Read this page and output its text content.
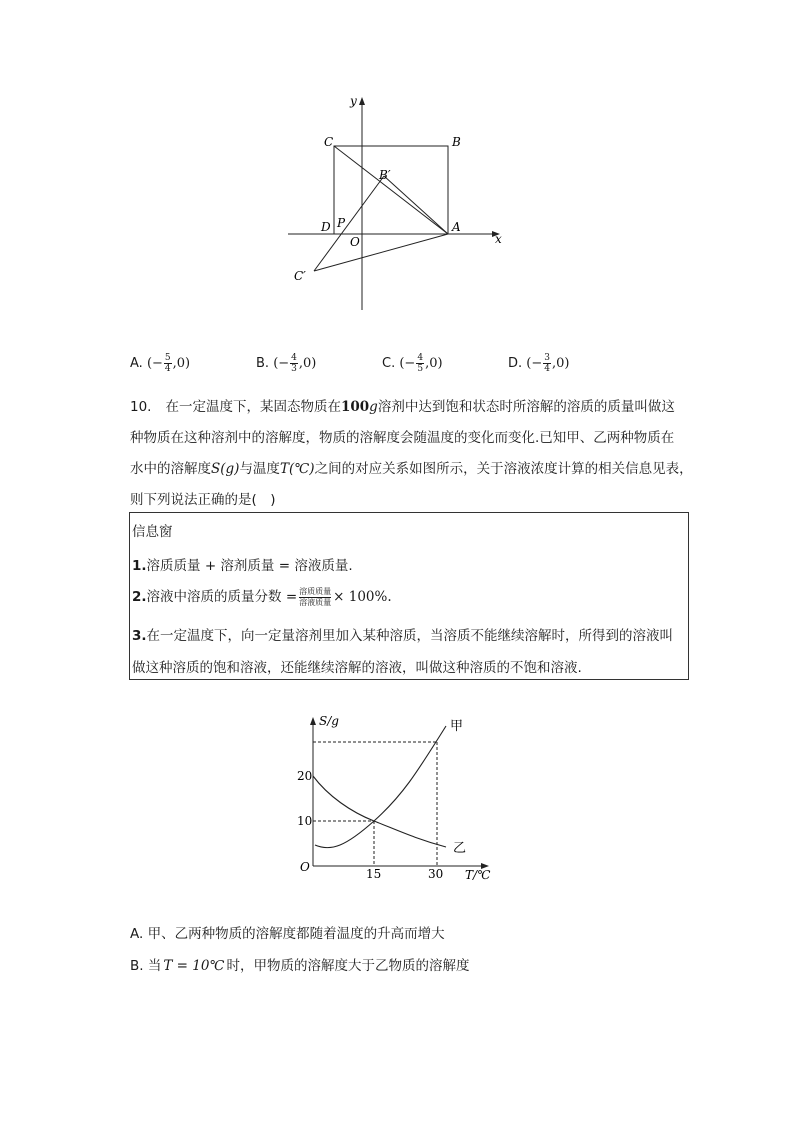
y
x
C	B
B′
D P
O
A
C′
A. (− $\frac{5}{4} ,0$)	B. (− $\frac{4}{3} ,0$)	C. (− $\frac{4}{5} ,0$)	D. (− $\frac{3}{4} ,0$)
10. 在一定温度下，某固态物质在100g溶剂中达到饱和状态时所溶解的溶质的质量叫做这
种物质在这种溶剂中的溶解度，物质的溶解度会随温度的变化而变化.已知甲、乙两种物质在
水中的溶解度S(g)与温度T(℃)之间的对应关系如图所示，关于溶液浓度计算的相关信息见表，
则下列说法正确的是(　)
信息窗
1.溶质质量 + 溶剂质量 = 溶液质量.
2.溶液中溶质的质量分数 = 溶质质量
溶液质量 × 100%.
3.在一定温度下，向一定量溶剂里加入某种溶质，当溶质不能继续溶解时，所得到的溶液叫
做这种溶质的饱和溶液，还能继续溶解的溶液，叫做这种溶质的不饱和溶液.
S/g
T/℃
O
20
10
15	30
甲
乙
A. 甲、乙两种物质的溶解度都随着温度的升高而增大
B. 当 T = 10℃ 时，甲物质的溶解度大于乙物质的溶解度
